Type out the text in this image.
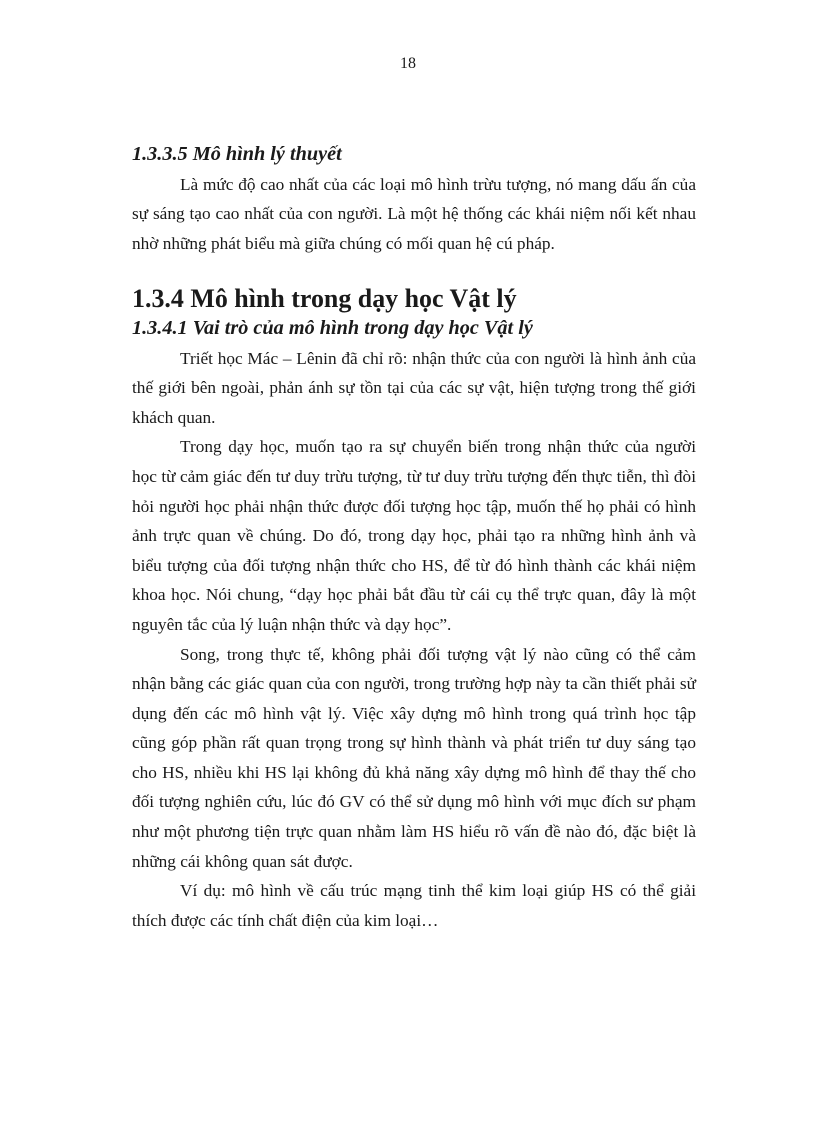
18
1.3.3.5 Mô hình lý thuyết

Là mức độ cao nhất của các loại mô hình trừu tượng, nó mang dấu ấn của sự sáng tạo cao nhất của con người. Là một hệ thống các khái niệm nối kết nhau nhờ những phát biểu mà giữa chúng có mối quan hệ cú pháp.

1.3.4 Mô hình trong dạy học Vật lý
1.3.4.1 Vai trò của mô hình trong dạy học Vật lý

Triết học Mác – Lênin đã chỉ rõ: nhận thức của con người là hình ảnh của thế giới bên ngoài, phản ánh sự tồn tại của các sự vật, hiện tượng trong thế giới khách quan.

Trong dạy học, muốn tạo ra sự chuyển biến trong nhận thức của người học từ cảm giác đến tư duy trừu tượng, từ tư duy trừu tượng đến thực tiễn, thì đòi hỏi người học phải nhận thức được đối tượng học tập, muốn thế họ phải có hình ảnh trực quan về chúng. Do đó, trong dạy học, phải tạo ra những hình ảnh và biểu tượng của đối tượng nhận thức cho HS, để từ đó hình thành các khái niệm khoa học. Nói chung, “dạy học phải bắt đầu từ cái cụ thể trực quan, đây là một nguyên tắc của lý luận nhận thức và dạy học”.

Song, trong thực tế, không phải đối tượng vật lý nào cũng có thể cảm nhận bằng các giác quan của con người, trong trường hợp này ta cần thiết phải sử dụng đến các mô hình vật lý. Việc xây dựng mô hình trong quá trình học tập cũng góp phần rất quan trọng trong sự hình thành và phát triển tư duy sáng tạo cho HS, nhiều khi HS lại không đủ khả năng xây dựng mô hình để thay thế cho đối tượng nghiên cứu, lúc đó GV có thể sử dụng mô hình với mục đích sư phạm như một phương tiện trực quan nhằm làm HS hiểu rõ vấn đề nào đó, đặc biệt là những cái không quan sát được.

Ví dụ: mô hình về cấu trúc mạng tinh thể kim loại giúp HS có thể giải thích được các tính chất điện của kim loại…
